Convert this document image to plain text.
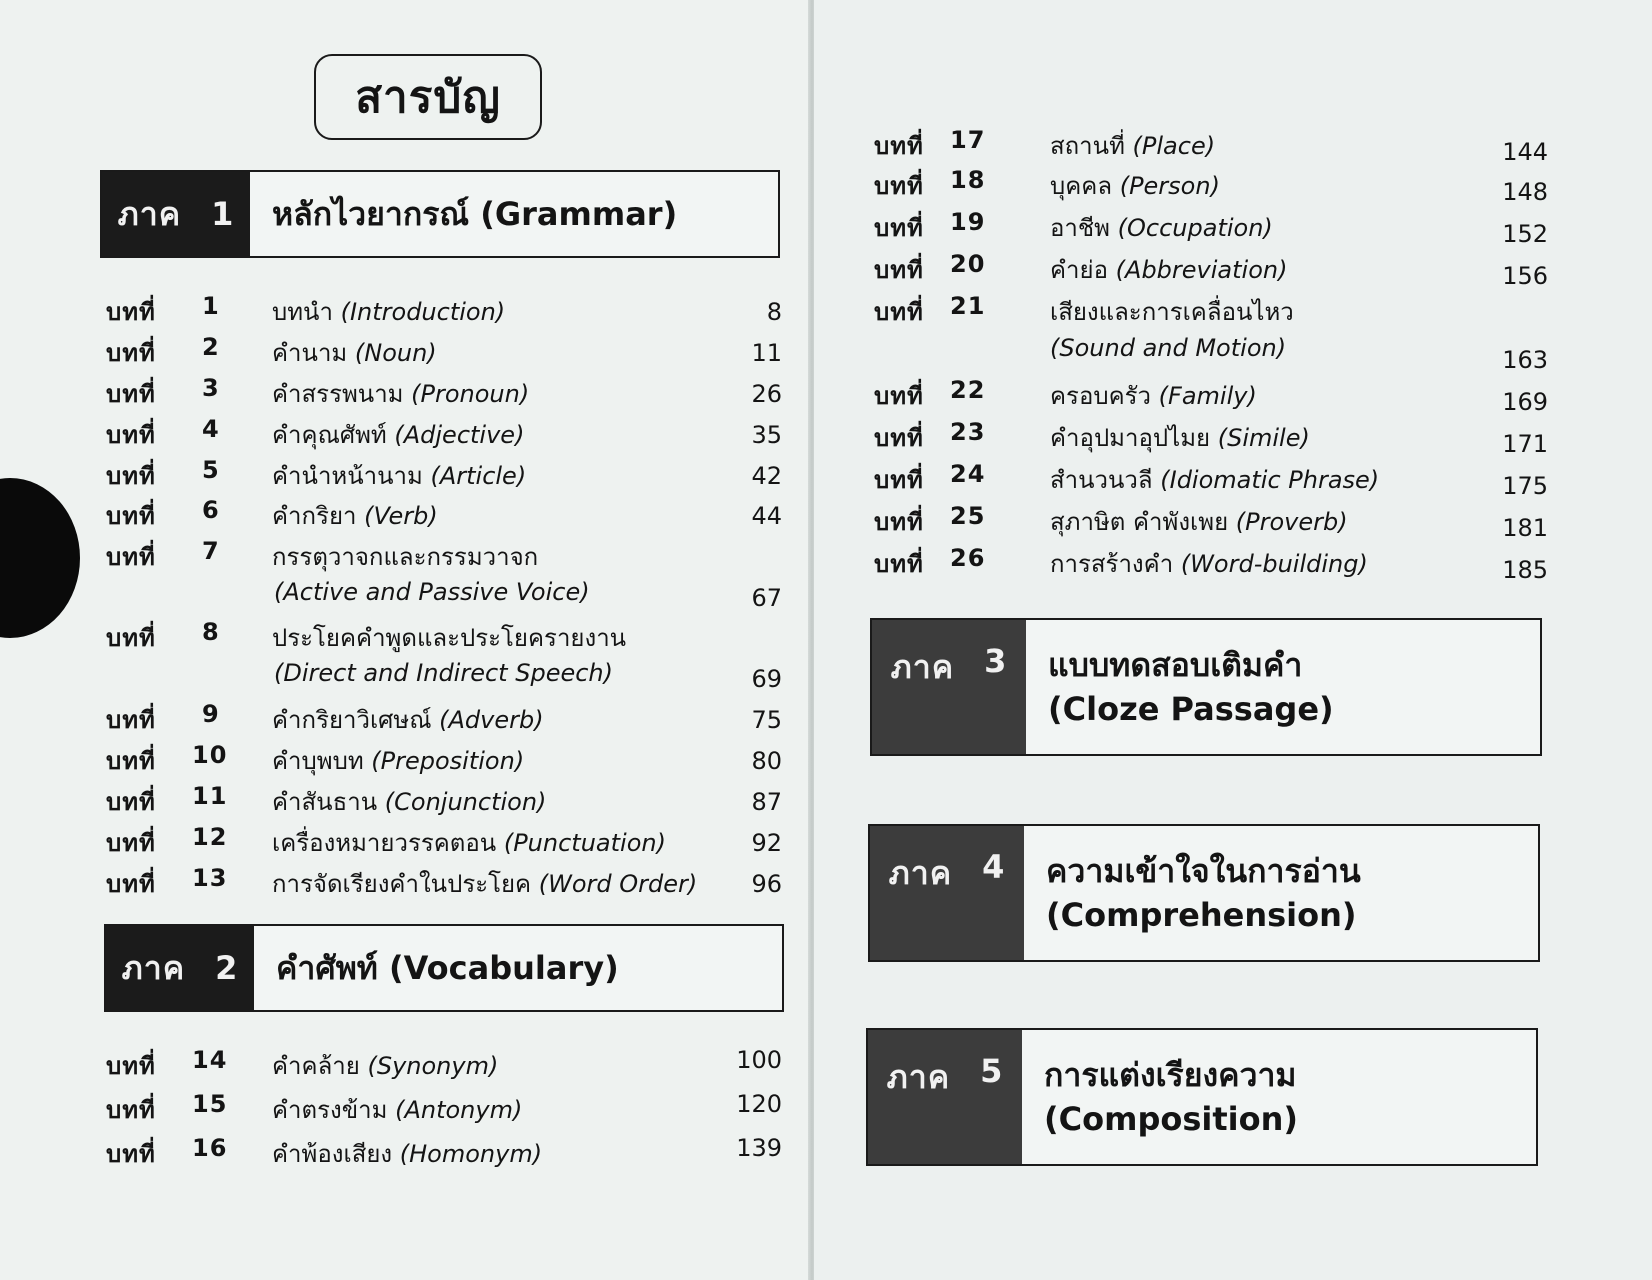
สารบัญ
ภาค 1 หลักไวยากรณ์ (Grammar)
บทที่ 1 บทนำ (Introduction)	8
บทที่ 2 คำนาม (Noun)	11
บทที่ 3 คำสรรพนาม (Pronoun)	26
บทที่ 4 คำคุณศัพท์ (Adjective)	35
บทที่ 5 คำนำหน้านาม (Article)	42
บทที่ 6 คำกริยา (Verb)	44
บทที่ 7 กรรตุวาจกและกรรมวาจก
(Active and Passive Voice)	67
บทที่ 8 ประโยคคำพูดและประโยครายงาน
(Direct and Indirect Speech)	69
บทที่ 9 คำกริยาวิเศษณ์ (Adverb)	75
บทที่ 10 คำบุพบท (Preposition)	80
บทที่ 11 คำสันธาน (Conjunction)	87
บทที่ 12 เครื่องหมายวรรคตอน (Punctuation)	92
บทที่ 13 การจัดเรียงคำในประโยค (Word Order)	96
ภาค 2 คำศัพท์ (Vocabulary)
บทที่ 14 คำคล้าย (Synonym)	100
บทที่ 15 คำตรงข้าม (Antonym)	120
บทที่ 16 คำพ้องเสียง (Homonym)	139
บทที่ 17	สถานที่ (Place)	144
บทที่ 18	บุคคล (Person)	148
บทที่ 19	อาชีพ (Occupation)	152
บทที่ 20	คำย่อ (Abbreviation)	156
บทที่ 21	เสียงและการเคลื่อนไหว
(Sound and Motion)	163
บทที่ 22	ครอบครัว (Family)	169
บทที่ 23	คำอุปมาอุปไมย (Simile)	171
บทที่ 24	สำนวนวลี (Idiomatic Phrase)	175
บทที่ 25	สุภาษิต คำพังเพย (Proverb)	181
บทที่ 26	การสร้างคำ (Word-building)	185
ภาค 3 แบบทดสอบเติมคำ
(Cloze Passage)
ภาค 4 ความเข้าใจในการอ่าน
(Comprehension)
ภาค 5 การแต่งเรียงความ
(Composition)
